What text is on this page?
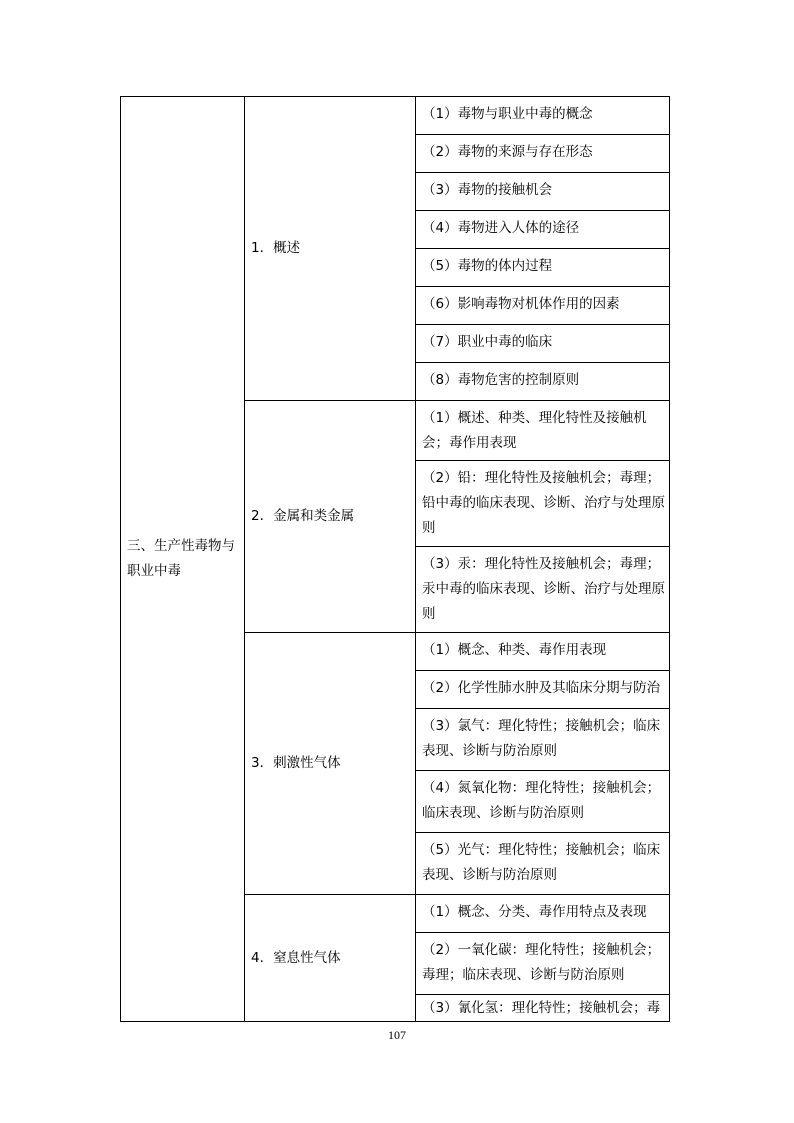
三、生产性毒物与职业中毒	1．概述	（1）毒物与职业中毒的概念
		（2）毒物的来源与存在形态
		（3）毒物的接触机会
		（4）毒物进入人体的途径
		（5）毒物的体内过程
		（6）影响毒物对机体作用的因素
		（7）职业中毒的临床
		（8）毒物危害的控制原则
	2．金属和类金属	（1）概述、种类、理化特性及接触机会；毒作用表现
		（2）铅：理化特性及接触机会；毒理；铅中毒的临床表现、诊断、治疗与处理原则
		（3）汞：理化特性及接触机会；毒理；汞中毒的临床表现、诊断、治疗与处理原则
	3．刺激性气体	（1）概念、种类、毒作用表现
		（2）化学性肺水肿及其临床分期与防治
		（3）氯气：理化特性；接触机会；临床表现、诊断与防治原则
		（4）氮氧化物：理化特性；接触机会；临床表现、诊断与防治原则
		（5）光气：理化特性；接触机会；临床表现、诊断与防治原则
	4．窒息性气体	（1）概念、分类、毒作用特点及表现
		（2）一氧化碳：理化特性；接触机会；毒理；临床表现、诊断与防治原则
		（3）氰化氢：理化特性；接触机会；毒
107
